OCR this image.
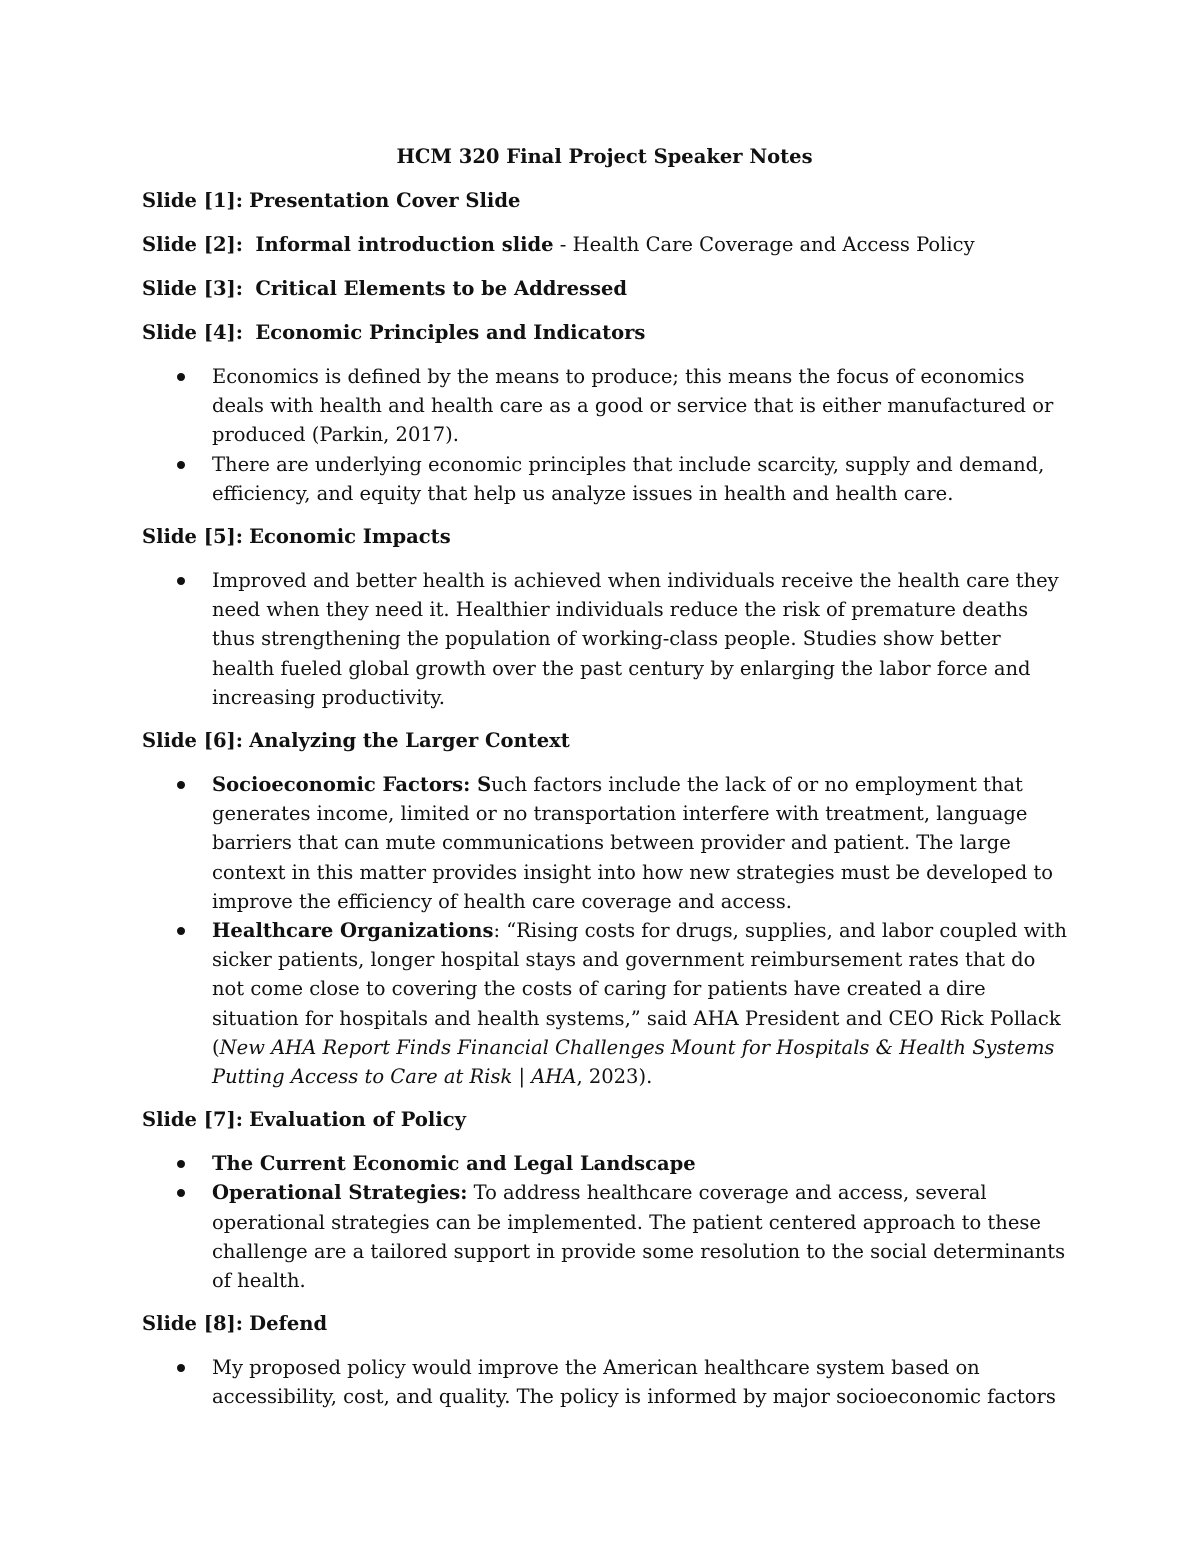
HCM 320 Final Project Speaker Notes
Slide [1]: Presentation Cover Slide
Slide [2]: Informal introduction slide - Health Care Coverage and Access Policy
Slide [3]: Critical Elements to be Addressed
Slide [4]: Economic Principles and Indicators
Economics is defined by the means to produce; this means the focus of economics deals with health and health care as a good or service that is either manufactured or produced (Parkin, 2017).
There are underlying economic principles that include scarcity, supply and demand, efficiency, and equity that help us analyze issues in health and health care.
Slide [5]: Economic Impacts
Improved and better health is achieved when individuals receive the health care they need when they need it. Healthier individuals reduce the risk of premature deaths thus strengthening the population of working-class people. Studies show better health fueled global growth over the past century by enlarging the labor force and increasing productivity.
Slide [6]: Analyzing the Larger Context
Socioeconomic Factors: Such factors include the lack of or no employment that generates income, limited or no transportation interfere with treatment, language barriers that can mute communications between provider and patient. The large context in this matter provides insight into how new strategies must be developed to improve the efficiency of health care coverage and access.
Healthcare Organizations: “Rising costs for drugs, supplies, and labor coupled with sicker patients, longer hospital stays and government reimbursement rates that do not come close to covering the costs of caring for patients have created a dire situation for hospitals and health systems,” said AHA President and CEO Rick Pollack (New AHA Report Finds Financial Challenges Mount for Hospitals & Health Systems Putting Access to Care at Risk | AHA, 2023).
Slide [7]: Evaluation of Policy
The Current Economic and Legal Landscape
Operational Strategies: To address healthcare coverage and access, several operational strategies can be implemented. The patient centered approach to these challenge are a tailored support in provide some resolution to the social determinants of health.
Slide [8]: Defend
My proposed policy would improve the American healthcare system based on accessibility, cost, and quality. The policy is informed by major socioeconomic factors
